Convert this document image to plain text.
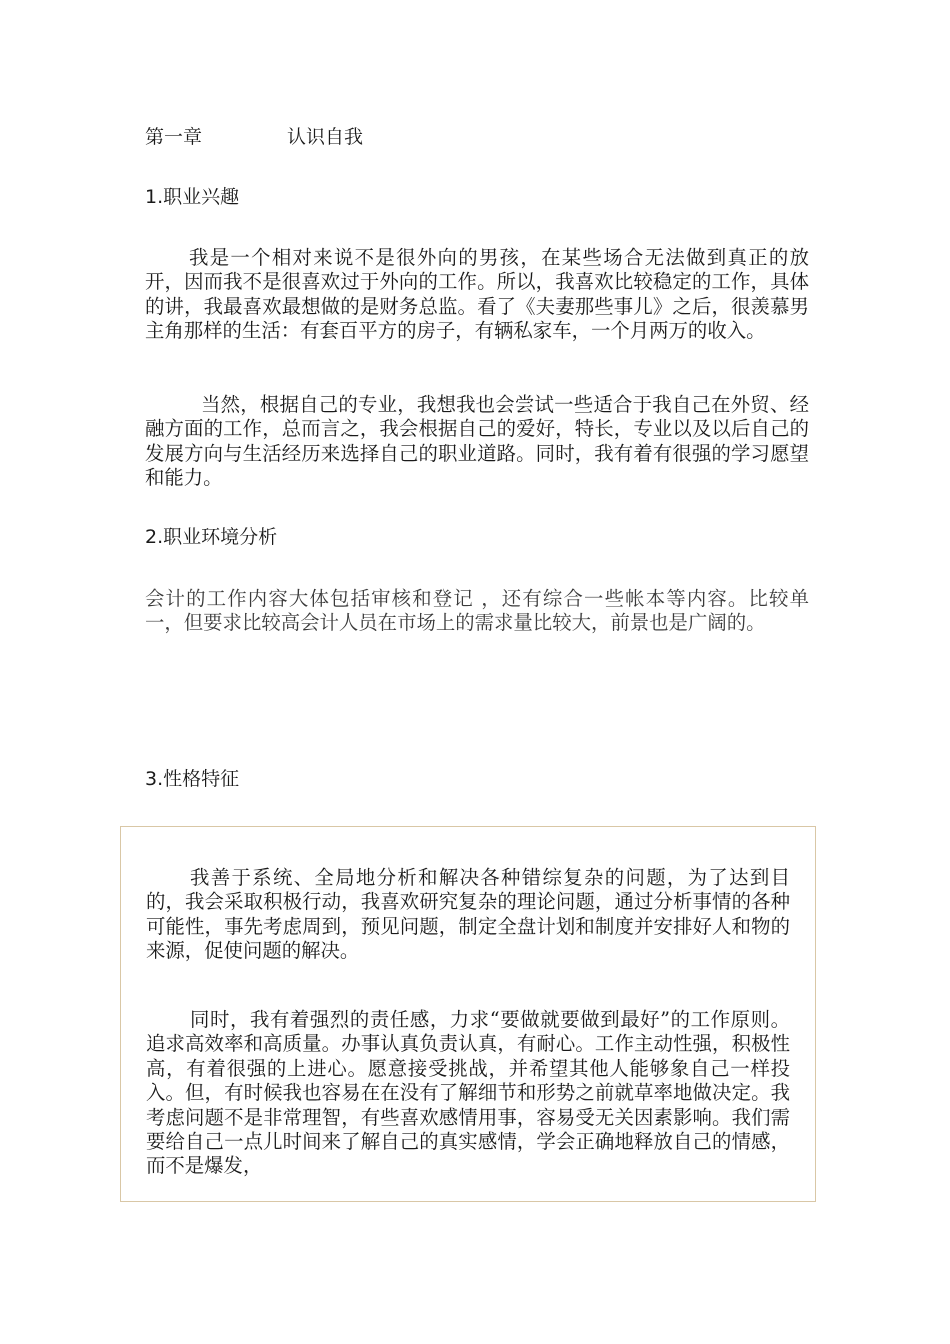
第一章	认识自我
1.职业兴趣

我是一个相对来说不是很外向的男孩，在某些场合无法做到真正的放开，因而我不是很喜欢过于外向的工作。所以，我喜欢比较稳定的工作，具体的讲，我最喜欢最想做的是财务总监。看了《夫妻那些事儿》之后，很羡慕男主角那样的生活：有套百平方的房子，有辆私家车，一个月两万的收入。

当然，根据自己的专业，我想我也会尝试一些适合于我自己在外贸、经融方面的工作，总而言之，我会根据自己的爱好，特长，专业以及以后自己的发展方向与生活经历来选择自己的职业道路。同时，我有着有很强的学习愿望和能力。

2.职业环境分析

会计的工作内容大体包括审核和登记 ，还有综合一些帐本等内容。比较单一，但要求比较高会计人员在市场上的需求量比较大，前景也是广阔的。

3.性格特征

我善于系统、全局地分析和解决各种错综复杂的问题，为了达到目的，我会采取积极行动，我喜欢研究复杂的理论问题，通过分析事情的各种可能性，事先考虑周到，预见问题，制定全盘计划和制度并安排好人和物的来源，促使问题的解决。

同时，我有着强烈的责任感，力求“要做就要做到最好”的工作原则。追求高效率和高质量。办事认真负责认真，有耐心。工作主动性强，积极性高，有着很强的上进心。愿意接受挑战，并希望其他人能够象自己一样投入。但，有时候我也容易在在没有了解细节和形势之前就草率地做决定。我考虑问题不是非常理智，有些喜欢感情用事，容易受无关因素影响。我们需要给自己一点儿时间来了解自己的真实感情，学会正确地释放自己的情感，而不是爆发，
